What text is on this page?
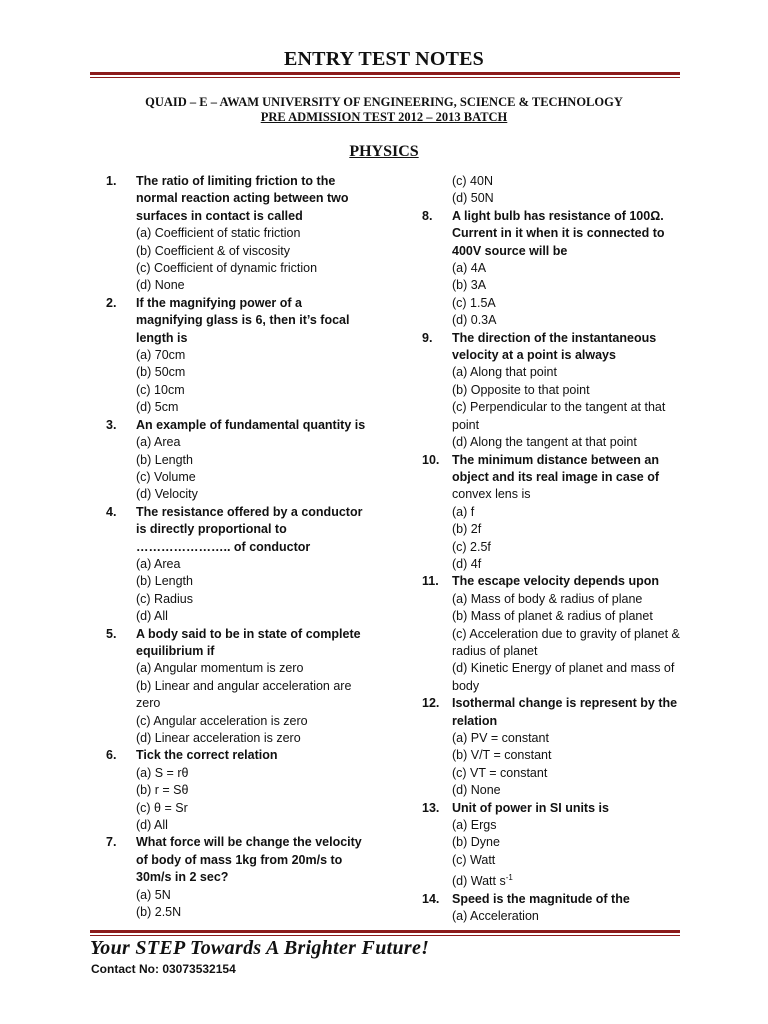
ENTRY TEST NOTES
QUAID – E – AWAM UNIVERSITY OF ENGINEERING, SCIENCE & TECHNOLOGY
PRE ADMISSION TEST 2012 – 2013 BATCH
PHYSICS
1.	The ratio of limiting friction to the normal reaction acting between two surfaces in contact is called
(a) Coefficient of static friction
(b) Coefficient & of viscosity
(c) Coefficient of dynamic friction
(d) None
2.	If the magnifying power of a magnifying glass is 6, then it’s focal length is
(a) 70cm
(b) 50cm
(c) 10cm
(d) 5cm
3.	An example of fundamental quantity is
(a) Area
(b) Length
(c) Volume
(d) Velocity
4.	The resistance offered by a conductor is directly proportional to ………………….. of conductor
(a) Area
(b) Length
(c) Radius
(d) All
5.	A body said to be in state of complete equilibrium if
(a) Angular momentum is zero
(b) Linear and angular acceleration are zero
(c) Angular acceleration is zero
(d) Linear acceleration is zero
6.	Tick the correct relation
(a) S = rθ
(b) r = Sθ
(c) θ = Sr
(d) All
7.	What force will be change the velocity of body of mass 1kg from 20m/s to 30m/s in 2 sec?
(a) 5N
(b) 2.5N
(c) 40N
(d) 50N
8.	A light bulb has resistance of 100Ω. Current in it when it is connected to 400V source will be
(a) 4A
(b) 3A
(c) 1.5A
(d) 0.3A
9.	The direction of the instantaneous velocity at a point is always
(a) Along that point
(b) Opposite to that point
(c) Perpendicular to the tangent at that point
(d) Along the tangent at that point
10.	The minimum distance between an object and its real image in case of
convex lens is
(a) f
(b) 2f
(c) 2.5f
(d) 4f
11.	The escape velocity depends upon
(a) Mass of body & radius of plane
(b) Mass of planet & radius of planet
(c) Acceleration due to gravity of planet & radius of planet
(d) Kinetic Energy of planet and mass of body
12.	Isothermal change is represent by the relation
(a) PV = constant
(b) V/T = constant
(c) VT = constant
(d) None
13.	Unit of power in SI units is
(a) Ergs
(b) Dyne
(c) Watt
(d) Watt $s^{-1}$
14.	Speed is the magnitude of the
(a) Acceleration
Your STEP Towards A Brighter Future!
Contact No: 03073532154
